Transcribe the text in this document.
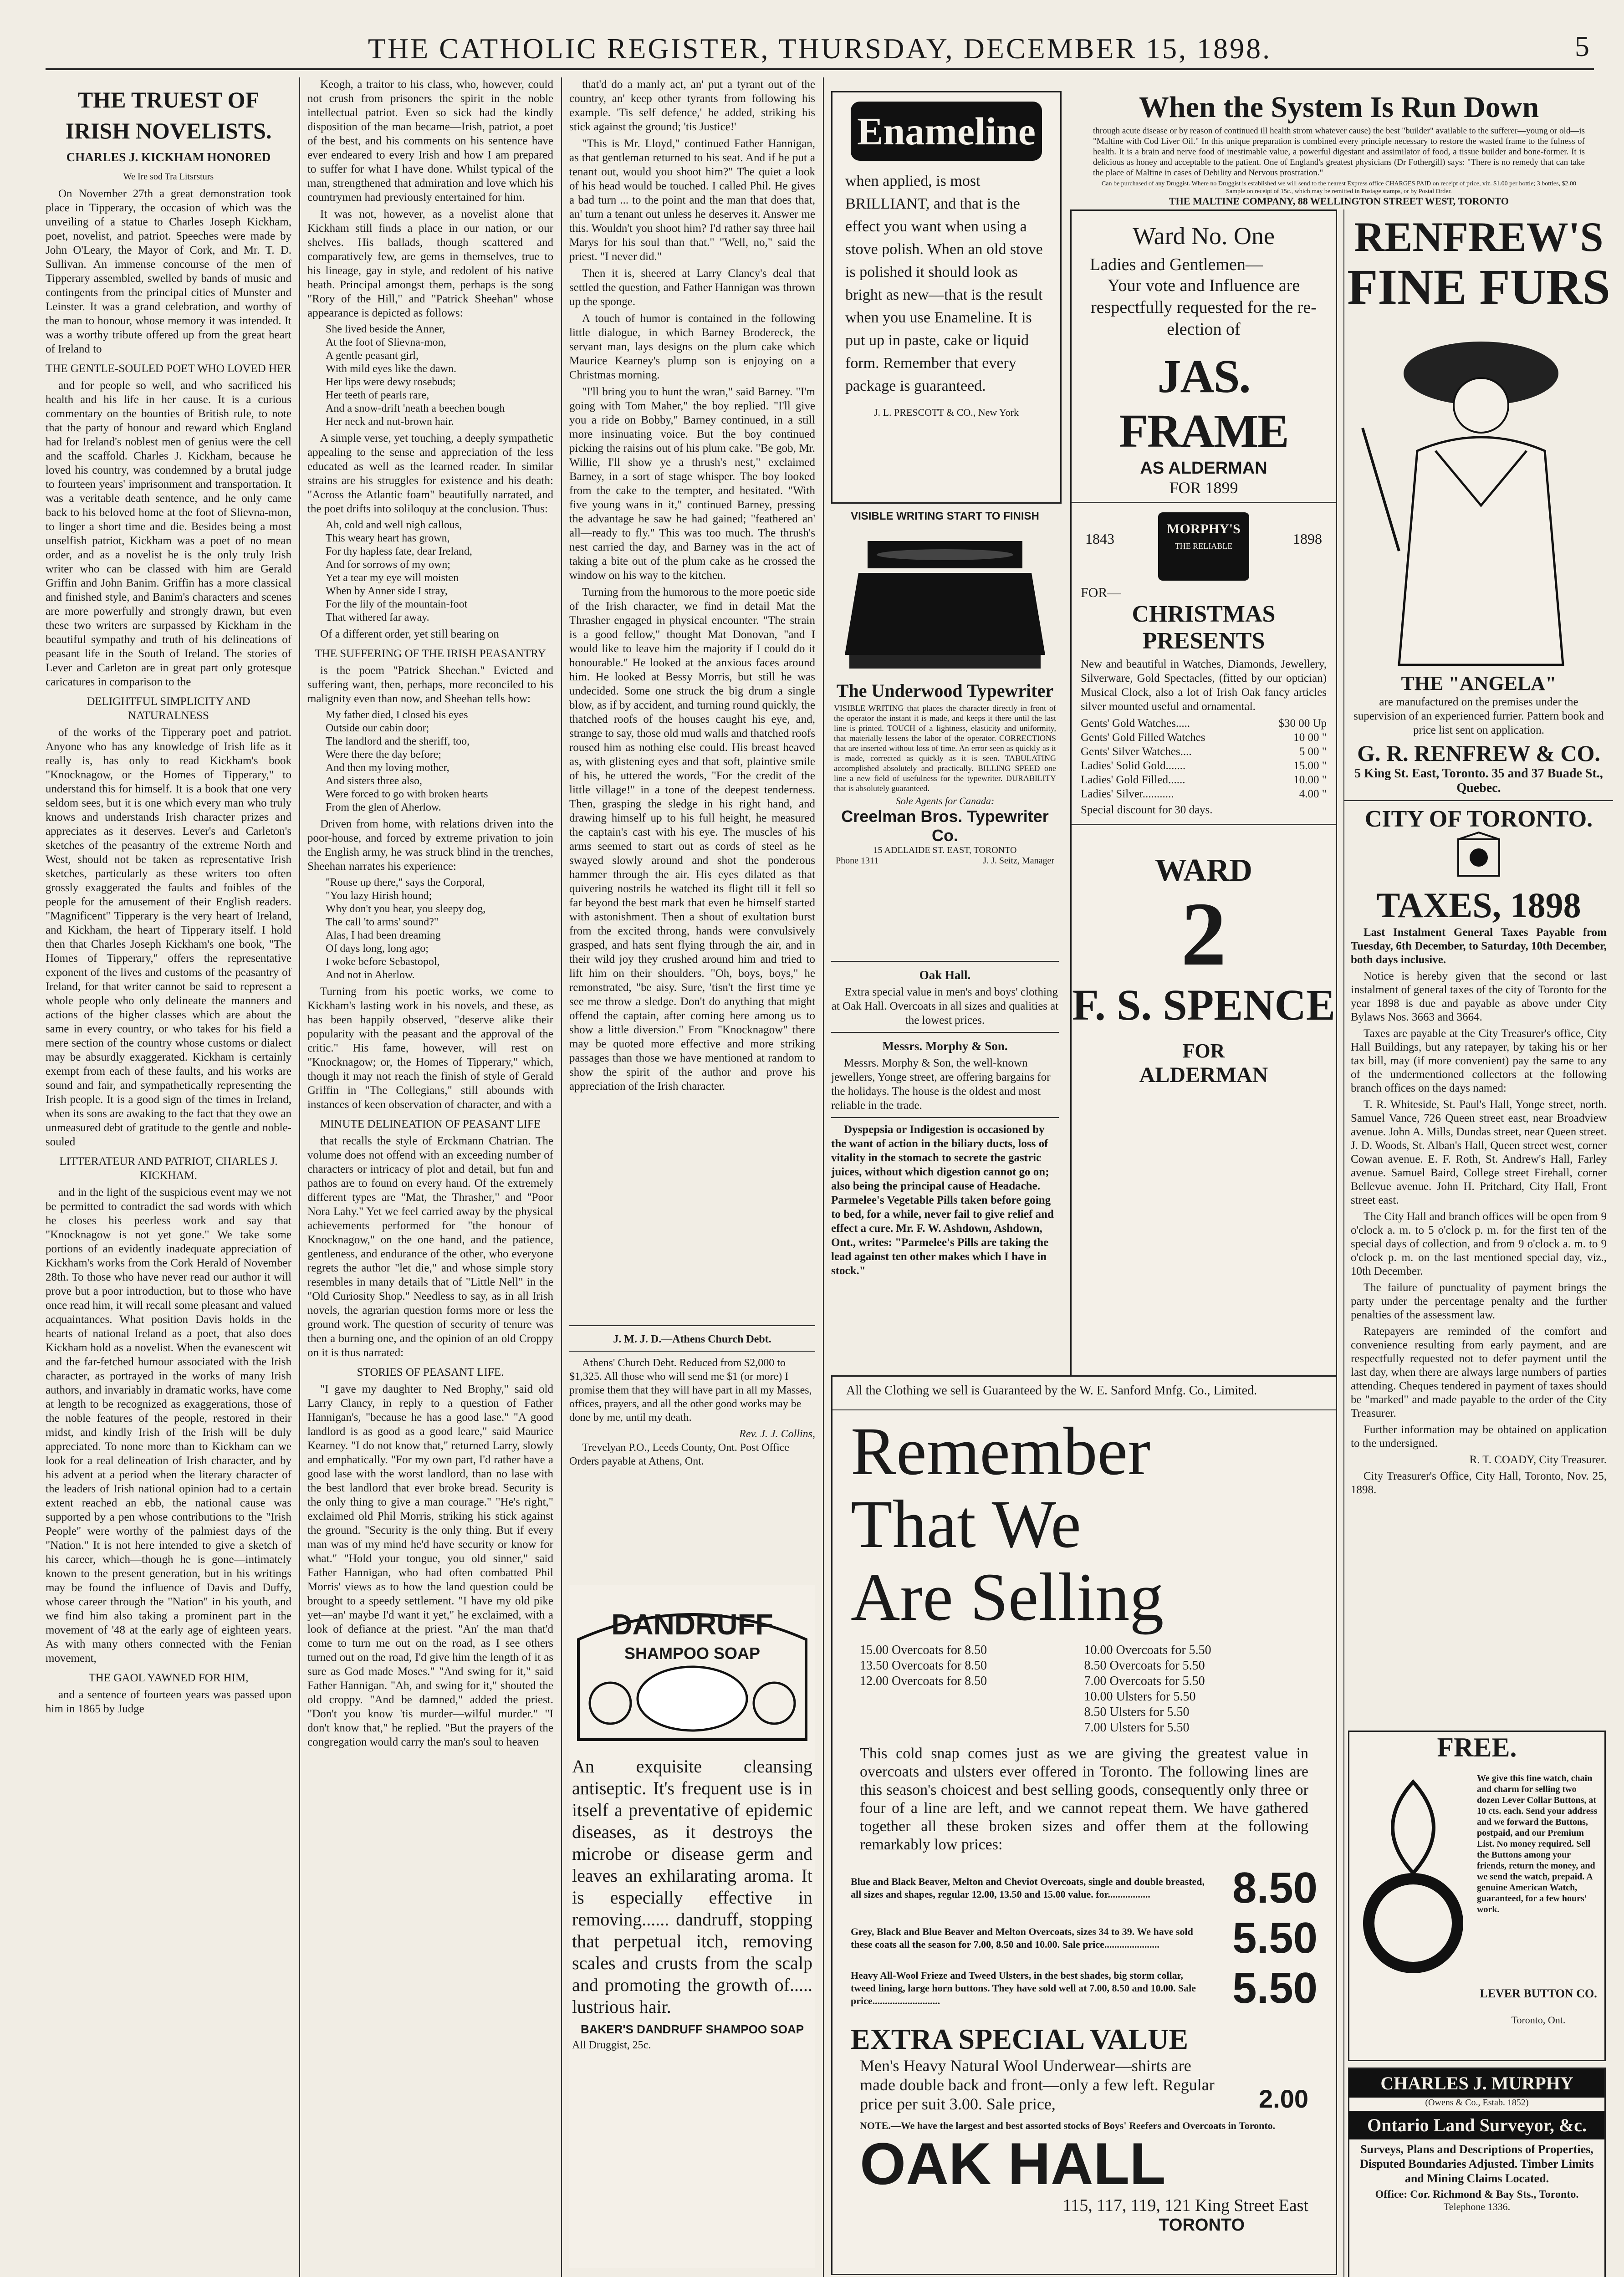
THE CATHOLIC REGISTER, THURSDAY, DECEMBER 15, 1898.	5
THE TRUEST OF
IRISH NOVELISTS.
CHARLES J. KICKHAM HONORED
We Ire sod Tra Litsrsturs

On November 27th a great demonstration took place in Tipperary, the occasion of which was the unveiling of a statue to Charles Joseph Kickham, poet, novelist, and patriot. Speeches were made by John O'Leary, the Mayor of Cork, and Mr. T. D. Sullivan. An immense concourse of the men of Tipperary assembled, swelled by bands of music and contingents from the principal cities of Munster and Leinster. It was a grand celebration, and worthy of the man to honour, whose memory it was intended. It was a worthy tribute offered up from the great heart of Ireland to

THE GENTLE-SOULED POET WHO LOVED HER

and for people so well, and who sacrificed his health and his life in her cause. It is a curious commentary on the bounties of British rule, to note that the party of honour and reward which England had for Ireland's noblest men of genius were the cell and the scaffold. Charles J. Kickham, because he loved his country, was condemned by a brutal judge to fourteen years' imprisonment and transportation. It was a veritable death sentence, and he only came back to his beloved home at the foot of Slievna-mon, to linger a short time and die. Besides being a most unselfish patriot, Kickham was a poet of no mean order, and as a novelist he is the only truly Irish writer who can be classed with him are Gerald Griffin and John Banim. Griffin has a more classical and finished style, and Banim's characters and scenes are more powerfully and strongly drawn, but even these two writers are surpassed by Kickham in the beautiful sympathy and truth of his delineations of peasant life in the South of Ireland. The stories of Lever and Carleton are in great part only grotesque caricatures in comparison to the

DELIGHTFUL SIMPLICITY AND NATURALNESS

of the works of the Tipperary poet and patriot. Anyone who has any knowledge of Irish life as it really is, has only to read Kickham's book "Knocknagow, or the Homes of Tipperary," to understand this for himself. It is a book that one very seldom sees, but it is one which every man who truly knows and understands Irish character prizes and appreciates as it deserves. Lever's and Carleton's sketches of the peasantry of the extreme North and West, should not be taken as representative Irish sketches, particularly as these writers too often grossly exaggerated the faults and foibles of the people for the amusement of their English readers. "Magnificent" Tipperary is the very heart of Ireland, and Kickham, the heart of Tipperary itself. I hold then that Charles Joseph Kickham's one book, "The Homes of Tipperary," offers the representative exponent of the lives and customs of the peasantry of Ireland, for that writer cannot be said to represent a whole people who only delineate the manners and actions of the higher classes which are about the same in every country, or who takes for his field a mere section of the country whose customs or dialect may be absurdly exaggerated. Kickham is certainly exempt from each of these faults, and his works are sound and fair, and sympathetically representing the Irish people. It is a good sign of the times in Ireland, when its sons are awaking to the fact that they owe an unmeasured debt of gratitude to the gentle and noble-souled

LITTERATEUR AND PATRIOT, CHARLES J. KICKHAM.

and in the light of the suspicious event may we not be permitted to contradict the sad words with which he closes his peerless work and say that "Knocknagow is not yet gone." We take some portions of an evidently inadequate appreciation of Kickham's works from the Cork Herald of November 28th. To those who have never read our author it will prove but a poor introduction, but to those who have once read him, it will recall some pleasant and valued acquaintances. What position Davis holds in the hearts of national Ireland as a poet, that also does Kickham hold as a novelist. When the evanescent wit and the far-fetched humour associated with the Irish character, as portrayed in the works of many Irish authors, and invariably in dramatic works, have come at length to be recognized as exaggerations, those of the noble features of the people, restored in their midst, and kindly Irish of the Irish will be duly appreciated. To none more than to Kickham can we look for a real delineation of Irish character, and by his advent at a period when the literary character of the leaders of Irish national opinion had to a certain extent reached an ebb, the national cause was supported by a pen whose contributions to the "Irish People" were worthy of the palmiest days of the "Nation." It is not here intended to give a sketch of his career, which—though he is gone—intimately known to the present generation, but in his writings may be found the influence of Davis and Duffy, whose career through the "Nation" in his youth, and we find him also taking a prominent part in the movement of '48 at the early age of eighteen years. As with many others connected with the Fenian movement,

THE GAOL YAWNED FOR HIM,

and a sentence of fourteen years was passed upon him in 1865 by Judge

Keogh, a traitor to his class, who, however, could not crush from prisoners the spirit in the noble intellectual patriot. Even so sick had the kindly disposition of the man became—Irish, patriot, a poet of the best, and his comments on his sentence have ever endeared to every Irish and how I am prepared to suffer for what I have done. Whilst typical of the man, strengthened that admiration and love which his countrymen had previously entertained for him.

It was not, however, as a novelist alone that Kickham still finds a place in our nation, or our shelves. His ballads, though scattered and comparatively few, are gems in themselves, true to his lineage, gay in style, and redolent of his native heath. Principal amongst them, perhaps is the song "Rory of the Hill," and "Patrick Sheehan" whose appearance is depicted as follows:

She lived beside the Anner,
At the foot of Slievna-mon,
A gentle peasant girl,
With mild eyes like the dawn.
Her lips were dewy rosebuds;
Her teeth of pearls rare,
And a snow-drift 'neath a beechen bough
Her neck and nut-brown hair.

A simple verse, yet touching, a deeply sympathetic appealing to the sense and appreciation of the less educated as well as the learned reader. In similar strains are his struggles for existence and his death: "Across the Atlantic foam" beautifully narrated, and the poet drifts into soliloquy at the conclusion. Thus:

Ah, cold and well nigh callous,
This weary heart has grown,
For thy hapless fate, dear Ireland,
And for sorrows of my own;
Yet a tear my eye will moisten
When by Anner side I stray,
For the lily of the mountain-foot
That withered far away.

Of a different order, yet still bearing on

THE SUFFERING OF THE IRISH PEASANTRY

is the poem "Patrick Sheehan." Evicted and suffering want, then, perhaps, more reconciled to his malignity even than now, and Sheehan tells how:

My father died, I closed his eyes
Outside our cabin door;
The landlord and the sheriff, too,
Were there the day before;
And then my loving mother,
And sisters three also,
Were forced to go with broken hearts
From the glen of Aherlow.

Driven from home, with relations driven into the poor-house, and forced by extreme privation to join the English army, he was struck blind in the trenches, Sheehan narrates his experience:

"Rouse up there," says the Corporal,
"You lazy Hirish hound;
Why don't you hear, you sleepy dog,
The call 'to arms' sound?"
Alas, I had been dreaming
Of days long, long ago;
I woke before Sebastopol,
And not in Aherlow.

Turning from his poetic works, we come to Kickham's lasting work in his novels, and these, as has been happily observed, "deserve alike their popularity with the peasant and the approval of the critic." His fame, however, will rest on "Knocknagow; or, the Homes of Tipperary," which, though it may not reach the finish of style of Gerald Griffin in "The Collegians," still abounds with instances of keen observation of character, and with a

MINUTE DELINEATION OF PEASANT LIFE

that recalls the style of Erckmann Chatrian. The volume does not offend with an exceeding number of characters or intricacy of plot and detail, but fun and pathos are to found on every hand. Of the extremely different types are "Mat, the Thrasher," and "Poor Nora Lahy." Yet we feel carried away by the physical achievements performed for "the honour of Knocknagow," on the one hand, and the patience, gentleness, and endurance of the other, who everyone regrets the author "let die," and whose simple story resembles in many details that of "Little Nell" in the "Old Curiosity Shop." Needless to say, as in all Irish novels, the agrarian question forms more or less the ground work. The question of security of tenure was then a burning one, and the opinion of an old Croppy on it is thus narrated:

STORIES OF PEASANT LIFE.

"I gave my daughter to Ned Brophy," said old Larry Clancy, in reply to a question of Father Hannigan's, "because he has a good lase." "A good landlord is as good as a good leare," said Maurice Kearney. "I do not know that," returned Larry, slowly and emphatically. "For my own part, I'd rather have a good lase with the worst landlord, than no lase with the best landlord that ever broke bread. Security is the only thing to give a man courage." "He's right," exclaimed old Phil Morris, striking his stick against the ground. "Security is the only thing. But if every man was of my mind he'd have security or know for what." "Hold your tongue, you old sinner," said Father Hannigan, who had often combatted Phil Morris' views as to how the land question could be brought to a speedy settlement. "I have my old pike yet—an' maybe I'd want it yet," he exclaimed, with a look of defiance at the priest. "An' the man that'd come to turn me out on the road, as I see others turned out on the road, I'd give him the length of it as sure as God made Moses." "And swing for it," said Father Hannigan. "Ah, and swing for it," shouted the old croppy. "And be damned," added the priest. "Don't you know 'tis murder—wilful murder." "I don't know that," he replied. "But the prayers of the congregation would carry the man's soul to heaven

that'd do a manly act, an' put a tyrant out of the country, an' keep other tyrants from following his example. 'Tis self defence,' he added, striking his stick against the ground; 'tis Justice!'

"This is Mr. Lloyd," continued Father Hannigan, as that gentleman returned to his seat. And if he put a tenant out, would you shoot him?" The quiet a look of his head would be touched. I called Phil. He gives a bad turn ... to the point and the man that does that, an' turn a tenant out unless he deserves it. Answer me this. Wouldn't you shoot him? I'd rather say three hail Marys for his soul than that." "Well, no," said the priest. "I never did."

Then it is, sheered at Larry Clancy's deal that settled the question, and Father Hannigan was thrown up the sponge.

A touch of humor is contained in the following little dialogue, in which Barney Brodereck, the servant man, lays designs on the plum cake which Maurice Kearney's plump son is enjoying on a Christmas morning.

"I'll bring you to hunt the wran," said Barney. "I'm going with Tom Maher," the boy replied. "I'll give you a ride on Bobby," Barney continued, in a still more insinuating voice. But the boy continued picking the raisins out of his plum cake. "Be gob, Mr. Willie, I'll show ye a thrush's nest," exclaimed Barney, in a sort of stage whisper. The boy looked from the cake to the tempter, and hesitated. "With five young wans in it," continued Barney, pressing the advantage he saw he had gained; "feathered an' all—ready to fly." This was too much. The thrush's nest carried the day, and Barney was in the act of taking a bite out of the plum cake as he crossed the window on his way to the kitchen.

Turning from the humorous to the more poetic side of the Irish character, we find in detail Mat the Thrasher engaged in physical encounter. "The strain is a good fellow," thought Mat Donovan, "and I would like to leave him the majority if I could do it honourable." He looked at the anxious faces around him. He looked at Bessy Morris, but still he was undecided. Some one struck the big drum a single blow, as if by accident, and turning round quickly, the thatched roofs of the houses caught his eye, and, strange to say, those old mud walls and thatched roofs roused him as nothing else could. His breast heaved as, with glistening eyes and that soft, plaintive smile of his, he uttered the words, "For the credit of the little village!" in a tone of the deepest tenderness. Then, grasping the sledge in his right hand, and drawing himself up to his full height, he measured the captain's cast with his eye. The muscles of his arms seemed to start out as cords of steel as he swayed slowly around and shot the ponderous hammer through the air. His eyes dilated as that quivering nostrils he watched its flight till it fell so far beyond the best mark that even he himself started with astonishment. Then a shout of exultation burst from the excited throng, hands were convulsively grasped, and hats sent flying through the air, and in their wild joy they crushed around him and tried to lift him on their shoulders. "Oh, boys, boys," he remonstrated, "be aisy. Sure, 'tisn't the first time ye see me throw a sledge. Don't do anything that might offend the captain, after coming here among us to show a little diversion." From "Knocknagow" there may be quoted more effective and more striking passages than those we have mentioned at random to show the spirit of the author and prove his appreciation of the Irish character.

J. M. J. D.—Athens Church Debt.

Athens' Church Debt. Reduced from $2,000 to $1,325. All those who will send me $1 (or more) I promise them that they will have part in all my Masses, offices, prayers, and all the other good works may be done by me, until my death.

Rev. J. J. Collins,

Trevelyan P.O., Leeds County, Ont. Post Office Orders payable at Athens, Ont.

DANDRUFF
SHAMPOO SOAP
An exquisite cleansing antiseptic. It's frequent use is in itself a preventative of epidemic diseases, as it destroys the microbe or disease germ and leaves an exhilarating aroma. It is especially effective in removing...... dandruff, stopping that perpetual itch, removing scales and crusts from the scalp and promoting the growth of..... lustrious hair.
BAKER'S DANDRUFF SHAMPOO SOAP
All Druggist, 25c.
Enameline
when applied, is most BRILLIANT, and that is the effect you want when using a stove polish. When an old stove is polished it should look as bright as new—that is the result when you use Enameline. It is put up in paste, cake or liquid form. Remember that every package is guaranteed.
J. L. PRESCOTT & CO., New York
VISIBLE WRITING START TO FINISH
The Underwood Typewriter
VISIBLE WRITING that places the character directly in front of the operator the instant it is made, and keeps it there until the last line is printed. TOUCH of a lightness, elasticity and uniformity, that materially lessens the labor of the operator. CORRECTIONS that are inserted without loss of time. An error seen as quickly as it is made, corrected as quickly as it is seen. TABULATING accomplished absolutely and practically. BILLING SPEED one line a new field of usefulness for the typewriter. DURABILITY that is absolutely guaranteed.
Sole Agents for Canada:
Creelman Bros. Typewriter Co.
15 ADELAIDE ST. EAST, TORONTO
Phone 1311	J. J. Seitz, Manager
Oak Hall.

Extra special value in men's and boys' clothing at Oak Hall. Overcoats in all sizes and qualities at the lowest prices.

Messrs. Morphy & Son.

Messrs. Morphy & Son, the well-known jewellers, Yonge street, are offering bargains for the holidays. The house is the oldest and most reliable in the trade.

Dyspepsia or Indigestion is occasioned by the want of action in the biliary ducts, loss of vitality in the stomach to secrete the gastric juices, without which digestion cannot go on; also being the principal cause of Headache. Parmelee's Vegetable Pills taken before going to bed, for a while, never fail to give relief and effect a cure. Mr. F. W. Ashdown, Ashdown, Ont., writes: "Parmelee's Pills are taking the lead against ten other makes which I have in stock."

When the System Is Run Down
through acute disease or by reason of continued ill health strom whatever cause) the best "builder" available to the sufferer—young or old—is "Maltine with Cod Liver Oil." In this unique preparation is combined every principle necessary to restore the wasted frame to the fulness of health. It is a brain and nerve food of inestimable value, a powerful digestant and assimilator of food, a tissue builder and bone-former. It is delicious as honey and acceptable to the patient. One of England's greatest physicians (Dr Fothergill) says: "There is no remedy that can take the place of Maltine in cases of Debility and Nervous prostration."
Can be purchased of any Druggist. Where no Druggist is established we will send to the nearest Express office CHARGES PAID on receipt of price, viz. $1.00 per bottle; 3 bottles, $2.00
Sample on receipt of 15c., which may be remitted in Postage stamps, or by Postal Order.
THE MALTINE COMPANY, 88 WELLINGTON STREET WEST, TORONTO
Ward No. One
Ladies and Gentlemen—
Your vote and Influence are respectfully requested for the re-election of
JAS. FRAME
AS ALDERMAN
FOR 1899
1843	1898
MORPHY'S
THE RELIABLE
FOR—
CHRISTMAS PRESENTS
New and beautiful in Watches, Diamonds, Jewellery, Silverware, Gold Spectacles, (fitted by our optician) Musical Clock, also a lot of Irish Oak fancy articles silver mounted useful and ornamental.
Gents' Gold Watches.....	$30 00 Up
Gents' Gold Filled Watches	10 00 "
Gents' Silver Watches....	5 00 "
Ladies' Solid Gold.......	15.00 "
Ladies' Gold Filled......	10.00 "
Ladies' Silver...........	4.00 "
Special discount for 30 days.
WARD
2
F. S. SPENCE
FOR
ALDERMAN
RENFREW'S
FINE FURS
THE "ANGELA"
are manufactured on the premises under the supervision of an experienced furrier. Pattern book and price list sent on application.
G. R. RENFREW & CO.
5 King St. East, Toronto. 35 and 37 Buade St., Quebec.
CITY OF TORONTO.
TAXES, 1898

Last Instalment General Taxes Payable from Tuesday, 6th December, to Saturday, 10th December, both days inclusive.

Notice is hereby given that the second or last instalment of general taxes of the city of Toronto for the year 1898 is due and payable as above under City Bylaws Nos. 3663 and 3664.

Taxes are payable at the City Treasurer's office, City Hall Buildings, but any ratepayer, by taking his or her tax bill, may (if more convenient) pay the same to any of the undermentioned collectors at the following branch offices on the days named:

T. R. Whiteside, St. Paul's Hall, Yonge street, north. Samuel Vance, 726 Queen street east, near Broadview avenue. John A. Mills, Dundas street, near Queen street. J. D. Woods, St. Alban's Hall, Queen street west, corner Cowan avenue. E. F. Roth, St. Andrew's Hall, Farley avenue. Samuel Baird, College street Firehall, corner Bellevue avenue. John H. Pritchard, City Hall, Front street east.

The City Hall and branch offices will be open from 9 o'clock a. m. to 5 o'clock p. m. for the first ten of the special days of collection, and from 9 o'clock a. m. to 9 o'clock p. m. on the last mentioned special day, viz., 10th December.

The failure of punctuality of payment brings the party under the percentage penalty and the further penalties of the assessment law.

Ratepayers are reminded of the comfort and convenience resulting from early payment, and are respectfully requested not to defer payment until the last day, when there are always large numbers of parties attending. Cheques tendered in payment of taxes should be "marked" and made payable to the order of the City Treasurer.

Further information may be obtained on application to the undersigned.

R. T. COADY, City Treasurer.

City Treasurer's Office, City Hall, Toronto, Nov. 25, 1898.

FREE.
We give this fine watch, chain and charm for selling two dozen Lever Collar Buttons, at 10 cts. each. Send your address and we forward the Buttons, postpaid, and our Premium List. No money required. Sell the Buttons among your friends, return the money, and we send the watch, prepaid. A genuine American Watch, guaranteed, for a few hours' work.
LEVER BUTTON CO.
Toronto, Ont.
CHARLES J. MURPHY
(Owens & Co., Estab. 1852)
Ontario Land Surveyor, &c.
Surveys, Plans and Descriptions of Properties, Disputed Boundaries Adjusted. Timber Limits and Mining Claims Located.
Office: Cor. Richmond & Bay Sts., Toronto.
Telephone 1336.
All the Clothing we sell is Guaranteed by the W. E. Sanford Mnfg. Co., Limited.
Remember
That We
Are Selling
15.00 Overcoats for 8.50
13.50 Overcoats for 8.50
12.00 Overcoats for 8.50
10.00 Overcoats for 5.50
8.50 Overcoats for 5.50
7.00 Overcoats for 5.50
10.00 Ulsters for 5.50
8.50 Ulsters for 5.50
7.00 Ulsters for 5.50
This cold snap comes just as we are giving the greatest value in overcoats and ulsters ever offered in Toronto. The following lines are this season's choicest and best selling goods, consequently only three or four of a line are left, and we cannot repeat them. We have gathered together all these broken sizes and offer them at the following remarkably low prices:
Blue and Black Beaver, Melton and Cheviot Overcoats, single and double breasted, all sizes and shapes, regular 12.00, 13.50 and 15.00 value. for.................	8.50
Grey, Black and Blue Beaver and Melton Overcoats, sizes 34 to 39. We have sold these coats all the season for 7.00, 8.50 and 10.00. Sale price......................	5.50
Heavy All-Wool Frieze and Tweed Ulsters, in the best shades, big storm collar, tweed lining, large horn buttons. They have sold well at 7.00, 8.50 and 10.00. Sale price...........................	5.50
EXTRA SPECIAL VALUE
Men's Heavy Natural Wool Underwear—shirts are made double back and front—only a few left. Regular price per suit 3.00. Sale price,	2.00
NOTE.—We have the largest and best assorted stocks of Boys' Reefers and Overcoats in Toronto.
OAK HALL
115, 117, 119, 121 King Street East
TORONTO
